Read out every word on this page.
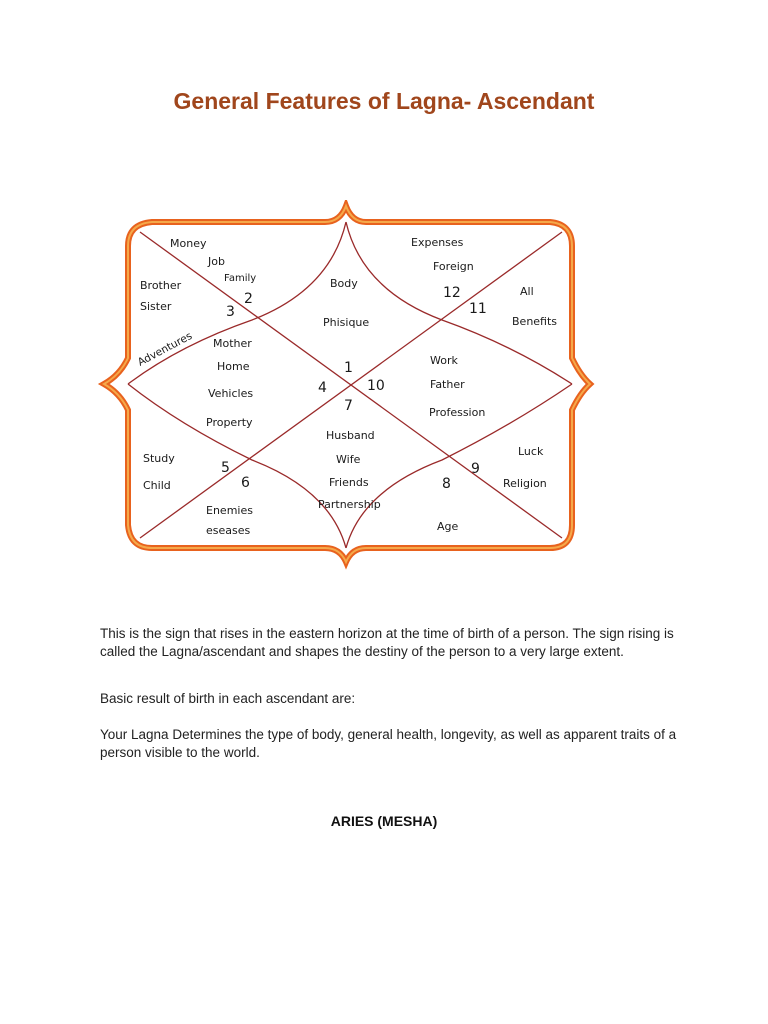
General Features of Lagna- Ascendant
Money
Job
Family
Brother
Sister
Adventures
Body
Phisique
Expenses
Foreign
All
Benefits
Mother
Home
Vehicles
Property
Work
Father
Profession
Husband
Wife
Friends
Partnership
Study
Child
Luck
Religion
Enemies
eseases	Age
1
2
3
4
5
6
7
8
9
10
11
12

This is the sign that rises in the eastern horizon at the time of birth of a person. The sign rising is called the Lagna/ascendant and shapes the destiny of the person to a very large extent.

Basic result of birth in each ascendant are:

Your Lagna Determines the type of body, general health, longevity, as well as apparent traits of a person visible to the world.

ARIES (MESHA)
